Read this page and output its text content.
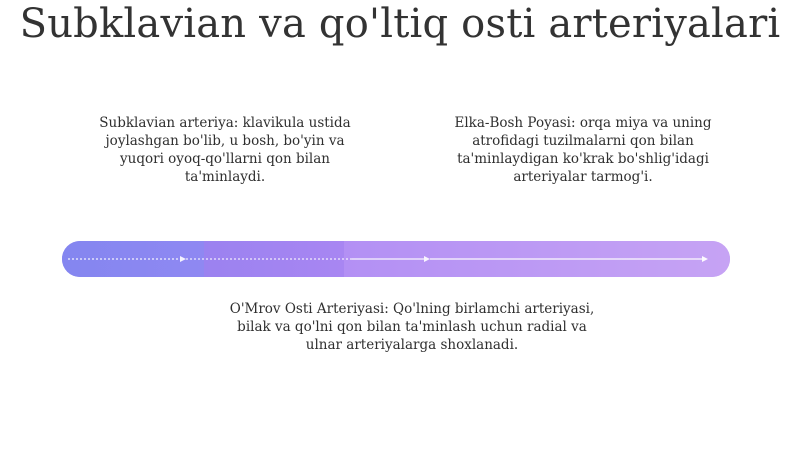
Subklavian va qo'ltiq osti arteriyalari
Subklavian arteriya: klavikula ustida joylashgan bo'lib, u bosh, bo'yin va yuqori oyoq-qo'llarni qon bilan ta'minlaydi.
Elka-Bosh Poyasi: orqa miya va uning atrofidagi tuzilmalarni qon bilan ta'minlaydigan ko'krak bo'shlig'idagi arteriyalar tarmog'i.
O'Mrov Osti Arteriyasi: Qo'lning birlamchi arteriyasi, bilak va qo'lni qon bilan ta'minlash uchun radial va ulnar arteriyalarga shoxlanadi.
